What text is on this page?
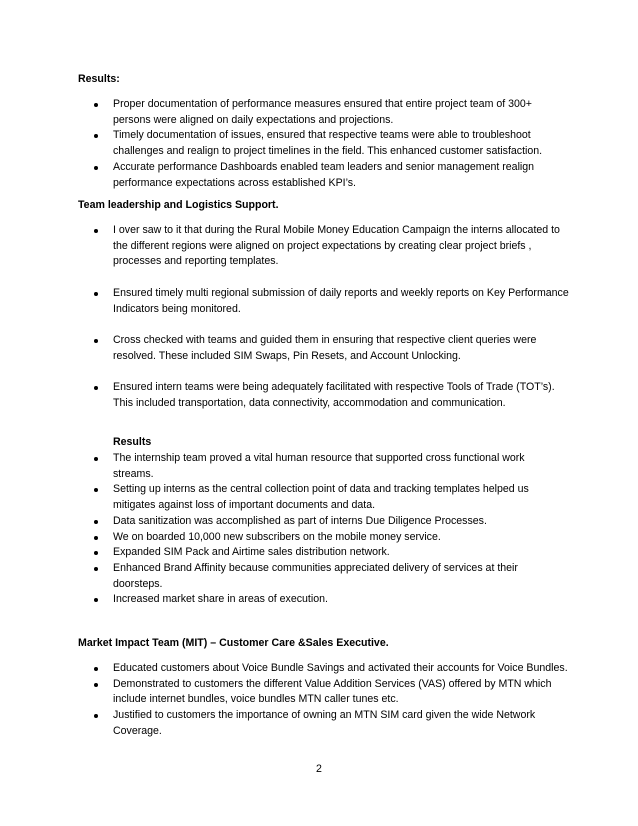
Results:
Proper documentation of performance measures ensured that entire project team of 300+ persons were aligned on daily expectations and projections.
Timely documentation of issues, ensured that respective teams were able to troubleshoot challenges and realign to project timelines in the field. This enhanced customer satisfaction.
Accurate performance Dashboards enabled team leaders and senior management realign performance expectations across established KPI’s.
Team leadership and Logistics Support.
I over saw to it that during the Rural Mobile Money Education Campaign the interns allocated to the different regions were aligned on project expectations by creating clear project briefs , processes and reporting templates.
Ensured timely multi regional submission of daily reports and weekly reports on Key Performance Indicators being monitored.
Cross checked with teams and guided them in ensuring that respective client queries were resolved. These included SIM Swaps, Pin Resets, and Account Unlocking.
Ensured intern teams were being adequately facilitated with respective Tools of Trade (TOT’s). This included transportation, data connectivity, accommodation and communication.
Results
The internship team proved a vital human resource that supported cross functional work streams.
Setting up interns as the central collection point of data and tracking templates helped us mitigates against loss of important documents and data.
Data sanitization was accomplished as part of interns Due Diligence Processes.
We on boarded 10,000 new subscribers on the mobile money service.
Expanded SIM Pack and Airtime sales distribution network.
Enhanced Brand Affinity because communities appreciated delivery of services at their doorsteps.
Increased market share in areas of execution.
Market Impact Team (MIT) – Customer Care &Sales Executive.
Educated customers about Voice Bundle Savings and activated their accounts for Voice Bundles.
Demonstrated to customers the different Value Addition Services (VAS) offered by MTN which include internet bundles, voice bundles MTN caller tunes etc.
Justified to customers the importance of owning an MTN SIM card given the wide Network Coverage.
2
